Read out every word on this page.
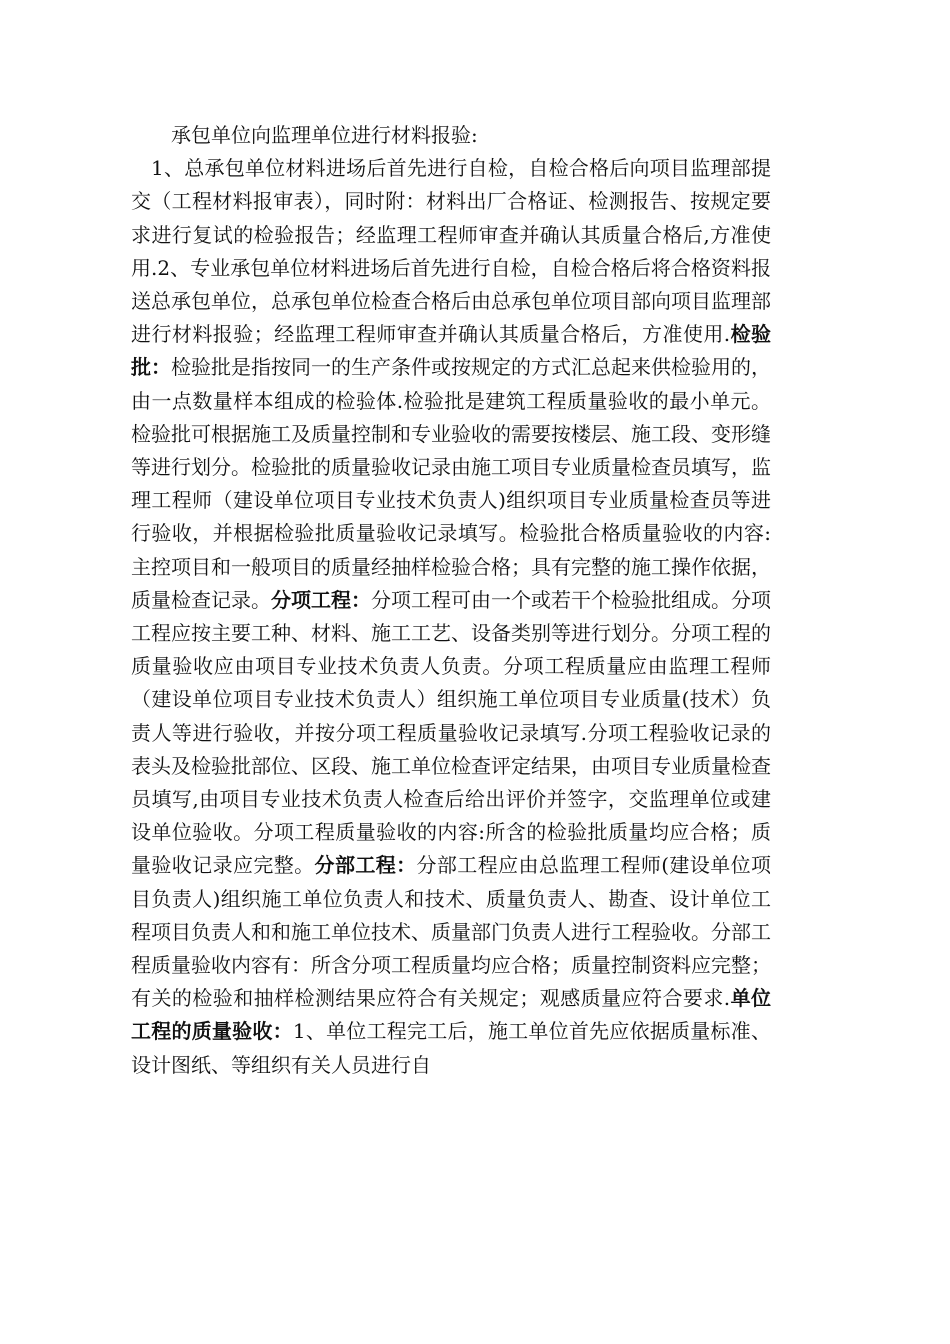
承包单位向监理单位进行材料报验:

1、总承包单位材料进场后首先进行自检，自检合格后向项目监理部提交（工程材料报审表），同时附：材料出厂合格证、检测报告、按规定要求进行复试的检验报告；经监理工程师审查并确认其质量合格后,方准使用.2、专业承包单位材料进场后首先进行自检，自检合格后将合格资料报送总承包单位，总承包单位检查合格后由总承包单位项目部向项目监理部进行材料报验；经监理工程师审查并确认其质量合格后，方准使用.检验批：检验批是指按同一的生产条件或按规定的方式汇总起来供检验用的，由一点数量样本组成的检验体.检验批是建筑工程质量验收的最小单元。检验批可根据施工及质量控制和专业验收的需要按楼层、施工段、变形缝等进行划分。检验批的质量验收记录由施工项目专业质量检查员填写，监理工程师（建设单位项目专业技术负责人)组织项目专业质量检查员等进行验收，并根据检验批质量验收记录填写。检验批合格质量验收的内容:主控项目和一般项目的质量经抽样检验合格；具有完整的施工操作依据，质量检查记录。分项工程：分项工程可由一个或若干个检验批组成。分项工程应按主要工种、材料、施工工艺、设备类别等进行划分。分项工程的质量验收应由项目专业技术负责人负责。分项工程质量应由监理工程师（建设单位项目专业技术负责人）组织施工单位项目专业质量(技术）负责人等进行验收，并按分项工程质量验收记录填写.分项工程验收记录的表头及检验批部位、区段、施工单位检查评定结果，由项目专业质量检查员填写,由项目专业技术负责人检查后给出评价并签字，交监理单位或建设单位验收。分项工程质量验收的内容:所含的检验批质量均应合格；质量验收记录应完整。分部工程：分部工程应由总监理工程师(建设单位项目负责人)组织施工单位负责人和技术、质量负责人、勘查、设计单位工程项目负责人和和施工单位技术、质量部门负责人进行工程验收。分部工程质量验收内容有：所含分项工程质量均应合格；质量控制资料应完整；有关的检验和抽样检测结果应符合有关规定；观感质量应符合要求.单位工程的质量验收：1、单位工程完工后，施工单位首先应依据质量标准、设计图纸、等组织有关人员进行自
